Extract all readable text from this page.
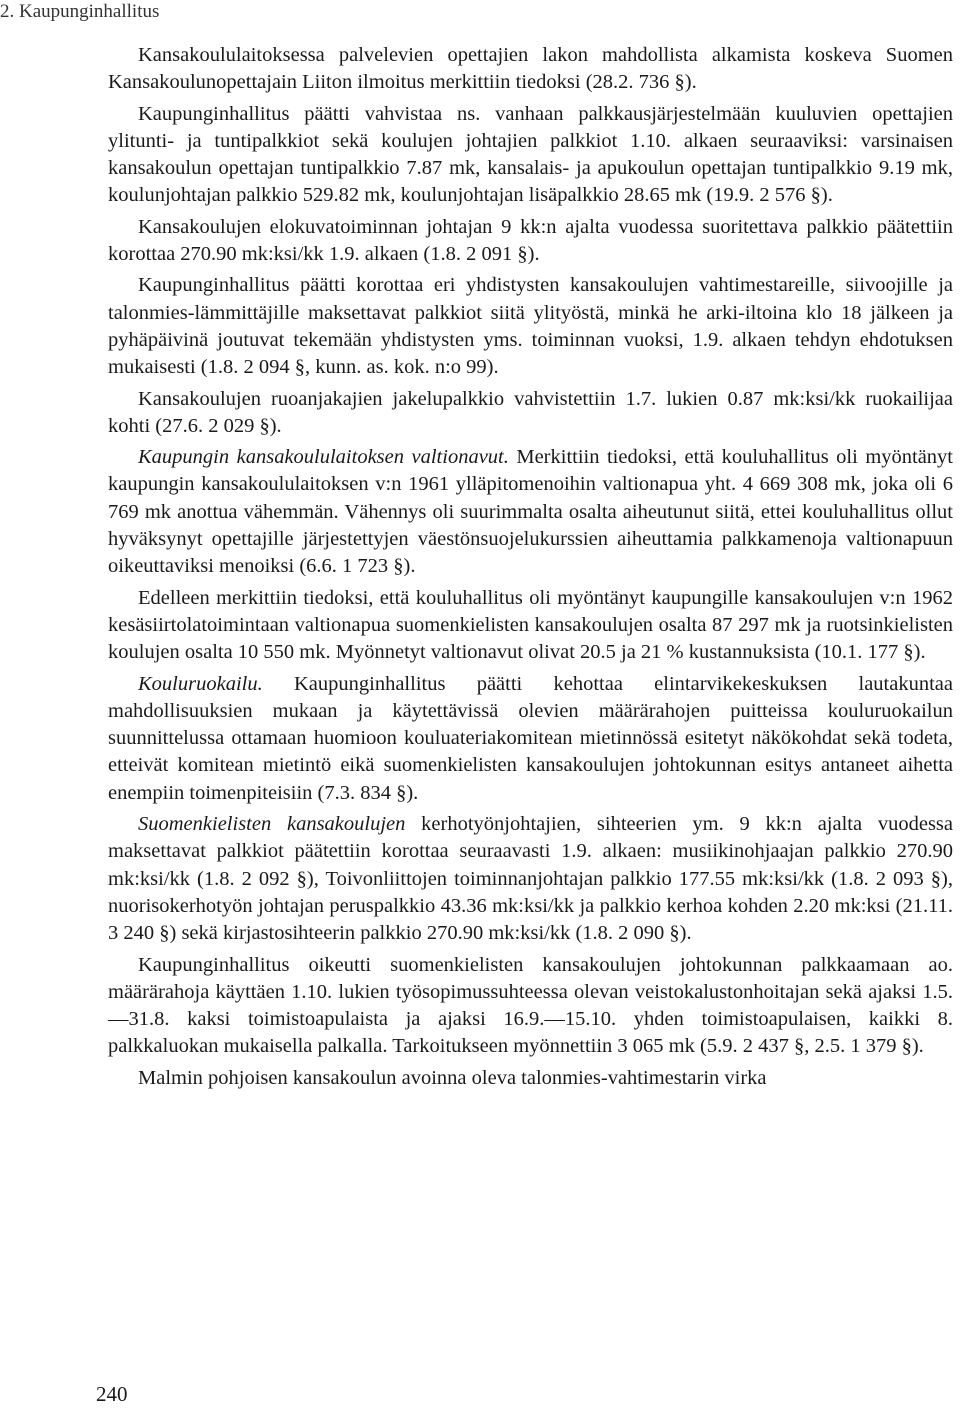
2. Kaupunginhallitus

Kansakoululaitoksessa palvelevien opettajien lakon mahdollista alkamista koskeva Suomen Kansakoulunopettajain Liiton ilmoitus merkittiin tiedoksi (28.2. 736 §).

Kaupunginhallitus päätti vahvistaa ns. vanhaan palkkausjärjestelmään kuuluvien opettajien ylitunti- ja tuntipalkkiot sekä koulujen johtajien palkkiot 1.10. alkaen seuraaviksi: varsinaisen kansakoulun opettajan tuntipalkkio 7.87 mk, kansalais- ja apukoulun opettajan tuntipalkkio 9.19 mk, koulunjohtajan palkkio 529.82 mk, koulunjohtajan lisäpalkkio 28.65 mk (19.9. 2 576 §).

Kansakoulujen elokuvatoiminnan johtajan 9 kk:n ajalta vuodessa suoritettava palkkio päätettiin korottaa 270.90 mk:ksi/kk 1.9. alkaen (1.8. 2 091 §).

Kaupunginhallitus päätti korottaa eri yhdistysten kansakoulujen vahtimestareille, siivoojille ja talonmies-lämmittäjille maksettavat palkkiot siitä ylityöstä, minkä he arki-iltoina klo 18 jälkeen ja pyhäpäivinä joutuvat tekemään yhdistysten yms. toiminnan vuoksi, 1.9. alkaen tehdyn ehdotuksen mukaisesti (1.8. 2 094 §, kunn. as. kok. n:o 99).

Kansakoulujen ruoanjakajien jakelupalkkio vahvistettiin 1.7. lukien 0.87 mk:ksi/kk ruokailijaa kohti (27.6. 2 029 §).

Kaupungin kansakoululaitoksen valtionavut. Merkittiin tiedoksi, että kouluhallitus oli myöntänyt kaupungin kansakoululaitoksen v:n 1961 ylläpitomenoihin valtionapua yht. 4 669 308 mk, joka oli 6 769 mk anottua vähemmän. Vähennys oli suurimmalta osalta aiheutunut siitä, ettei kouluhallitus ollut hyväksynyt opettajille järjestettyjen väestönsuojelukurssien aiheuttamia palkkamenoja valtionapuun oikeuttaviksi menoiksi (6.6. 1 723 §).

Edelleen merkittiin tiedoksi, että kouluhallitus oli myöntänyt kaupungille kansakoulujen v:n 1962 kesäsiirtolatoimintaan valtionapua suomenkielisten kansakoulujen osalta 87 297 mk ja ruotsinkielisten koulujen osalta 10 550 mk. Myönnetyt valtionavut olivat 20.5 ja 21 % kustannuksista (10.1. 177 §).

Kouluruokailu. Kaupunginhallitus päätti kehottaa elintarvikekeskuksen lautakuntaa mahdollisuuksien mukaan ja käytettävissä olevien määrärahojen puitteissa kouluruokailun suunnittelussa ottamaan huomioon kouluateriakomitean mietinnössä esitetyt näkökohdat sekä todeta, etteivät komitean mietintö eikä suomenkielisten kansakoulujen johtokunnan esitys antaneet aihetta enempiin toimenpiteisiin (7.3. 834 §).

Suomenkielisten kansakoulujen kerhotyönjohtajien, sihteerien ym. 9 kk:n ajalta vuodessa maksettavat palkkiot päätettiin korottaa seuraavasti 1.9. alkaen: musiikinohjaajan palkkio 270.90 mk:ksi/kk (1.8. 2 092 §), Toivonliittojen toiminnanjohtajan palkkio 177.55 mk:ksi/kk (1.8. 2 093 §), nuorisokerhotyön johtajan peruspalkkio 43.36 mk:ksi/kk ja palkkio kerhoa kohden 2.20 mk:ksi (21.11. 3 240 §) sekä kirjastosihteerin palkkio 270.90 mk:ksi/kk (1.8. 2 090 §).

Kaupunginhallitus oikeutti suomenkielisten kansakoulujen johtokunnan palkkaamaan ao. määrärahoja käyttäen 1.10. lukien työsopimussuhteessa olevan veistokalustonhoitajan sekä ajaksi 1.5.—31.8. kaksi toimistoapulaista ja ajaksi 16.9.—15.10. yhden toimistoapulaisen, kaikki 8. palkkaluokan mukaisella palkalla. Tarkoitukseen myönnettiin 3 065 mk (5.9. 2 437 §, 2.5. 1 379 §).

Malmin pohjoisen kansakoulun avoinna oleva talonmies-vahtimestarin virka

240
